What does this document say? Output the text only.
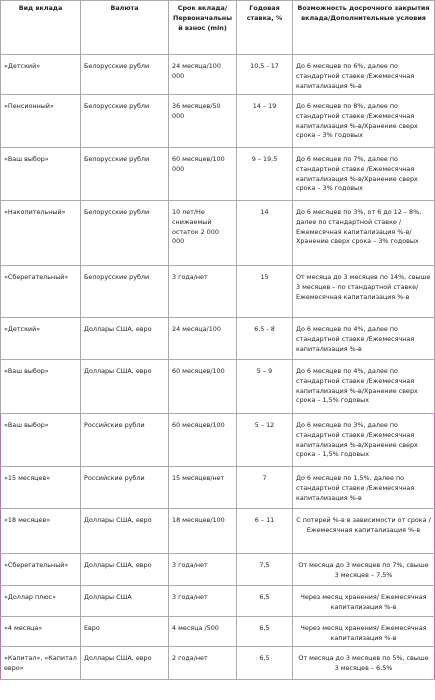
Вид вклада	Валюта	Срок вклада/ Первоначальный взнос (min)	Годовая ставка, %	Возможность досрочного закрытия вклада/Дополнительные условия
«Детский»	Белорусские рубли	24 месяца/100 000	10,5 - 17	До 6 месяцев по 6%, далее по стандартной ставке /Ежемесячная капитализация %-в
«Пенсионный»	Белорусские рубли	36 месяцев/50 000	14 – 19	До 6 месяцев по 8%, далее по стандартной ставке /Ежемесячная капитализация %-в/Хранение сверх срока – 3% годовых
«Ваш выбор»	Белорусские рубли	60 месяцев/100 000	9 – 19,5	До 6 месяцев по 7%, далее по стандартной ставке /Ежемесячная капитализация %-в/Хранение сверх срока – 3% годовых
«Накопительный»	Белорусские рубли	10 лет/Не снижаемый остаток 2 000 000	14	До 6 месяцев по 3%, от 6 до 12 – 8%, далее по стандартной ставке /Ежемесячная капитализация %-в/Хранение сверх срока – 3% годовых
«Сберегательный»	Белорусские рубли	3 года/нет	15	От месяца до 3 месяцев по 14%, свыше 3 месяцев – по стандартной ставке/Ежемесячная капитализация %-в
«Детский»	Доллары США, евро	24 месяца/100	6,5 - 8	До 6 месяцев по 4%, далее по стандартной ставке /Ежемесячная капитализация %-в
«Ваш выбор»	Доллары США, евро	60 месяцев/100	5 – 9	До 6 месяцев по 4%, далее по стандартной ставке /Ежемесячная капитализация %-в/Хранение сверх срока – 1,5% годовых
«Ваш выбор»	Российские рубли	60 месяцев/100	5 – 12	До 6 месяцев по 3%, далее по стандартной ставке /Ежемесячная капитализация %-в/Хранение сверх срока – 1,5% годовых
«15 месяцев»	Российские рубли	15 месяцев/нет	7	До 6 месяцев по 1,5%, далее по стандартной ставке /Ежемесячная капитализация %-в
«18 месяцев»	Доллары США, евро	18 месяцев/100	6 – 11	С потерей %-в в зависимости от срока /Ежемесячная капитализация %-в
«Сберегательный»	Доллары США, евро	3 года/нет	7,5	От месяца до 3 месяцев по 7%, свыше 3 месяцев – 7,5%
«Доллар плюс»	Доллары США	3 года/нет	6,5	Через месяц хранения/ Ежемесячная капитализация %-в
«4 месяца»	Евро	4 месяца /500	6,5	Через месяц хранения/ Ежемесячная капитализация %-в
«Капитал», «Капитал евро»	Доллары США, евро	2 года/нет	6,5	От месяца до 3 месяцев по 5%, свыше 3 месяцев – 6,5%
